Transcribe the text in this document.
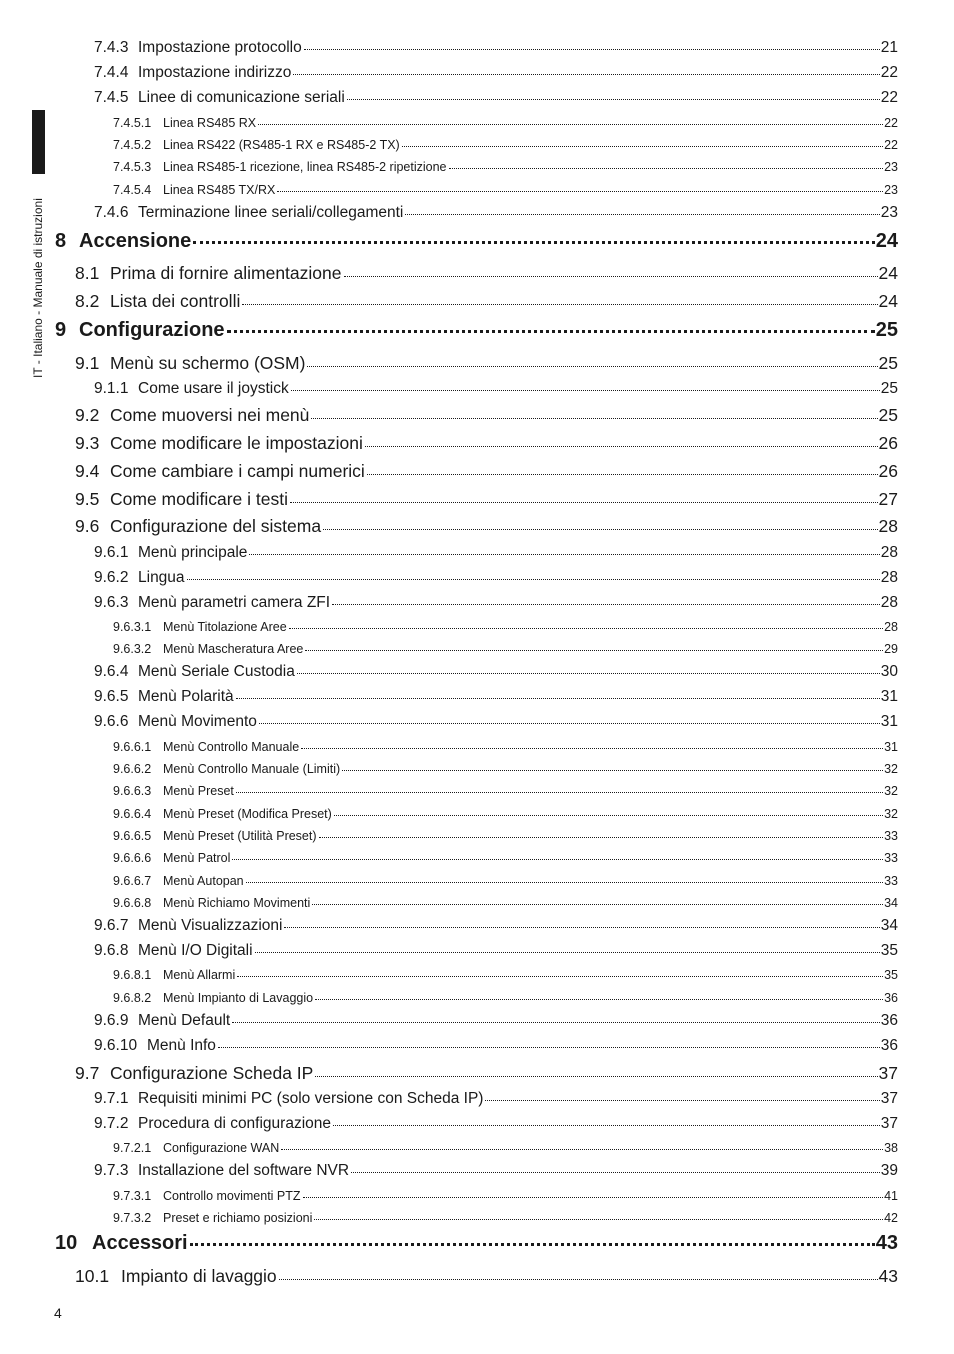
IT - Italiano - Manuale di istruzioni
7.4.3 Impostazione protocollo	21
7.4.4 Impostazione indirizzo	22
7.4.5 Linee di comunicazione seriali	22
7.4.5.1 Linea RS485 RX	22
7.4.5.2 Linea RS422 (RS485-1 RX e RS485-2 TX)	22
7.4.5.3 Linea RS485-1 ricezione, linea RS485-2 ripetizione	23
7.4.5.4 Linea RS485 TX/RX	23
7.4.6 Terminazione linee seriali/collegamenti	23
8 Accensione	24
8.1 Prima di fornire alimentazione	24
8.2 Lista dei controlli	24
9 Configurazione	25
9.1 Menù su schermo (OSM)	25
9.1.1 Come usare il joystick	25
9.2 Come muoversi nei menù	25
9.3 Come modificare le impostazioni	26
9.4 Come cambiare i campi numerici	26
9.5 Come modificare i testi	27
9.6 Configurazione del sistema	28
9.6.1 Menù principale	28
9.6.2 Lingua	28
9.6.3 Menù parametri camera ZFI	28
9.6.3.1 Menù Titolazione Aree	28
9.6.3.2 Menù Mascheratura Aree	29
9.6.4 Menù Seriale Custodia	30
9.6.5 Menù Polarità	31
9.6.6 Menù Movimento	31
9.6.6.1 Menù Controllo Manuale	31
9.6.6.2 Menù Controllo Manuale (Limiti)	32
9.6.6.3 Menù Preset	32
9.6.6.4 Menù Preset (Modifica Preset)	32
9.6.6.5 Menù Preset (Utilità Preset)	33
9.6.6.6 Menù Patrol	33
9.6.6.7 Menù Autopan	33
9.6.6.8 Menù Richiamo Movimenti	34
9.6.7 Menù Visualizzazioni	34
9.6.8 Menù I/O Digitali	35
9.6.8.1 Menù Allarmi	35
9.6.8.2 Menù Impianto di Lavaggio	36
9.6.9 Menù Default	36
9.6.10 Menù Info	36
9.7 Configurazione Scheda IP	37
9.7.1 Requisiti minimi PC (solo versione con Scheda IP)	37
9.7.2 Procedura di configurazione	37
9.7.2.1 Configurazione WAN	38
9.7.3 Installazione del software NVR	39
9.7.3.1 Controllo movimenti PTZ	41
9.7.3.2 Preset e richiamo posizioni	42
10 Accessori	43
10.1 Impianto di lavaggio	43
4
